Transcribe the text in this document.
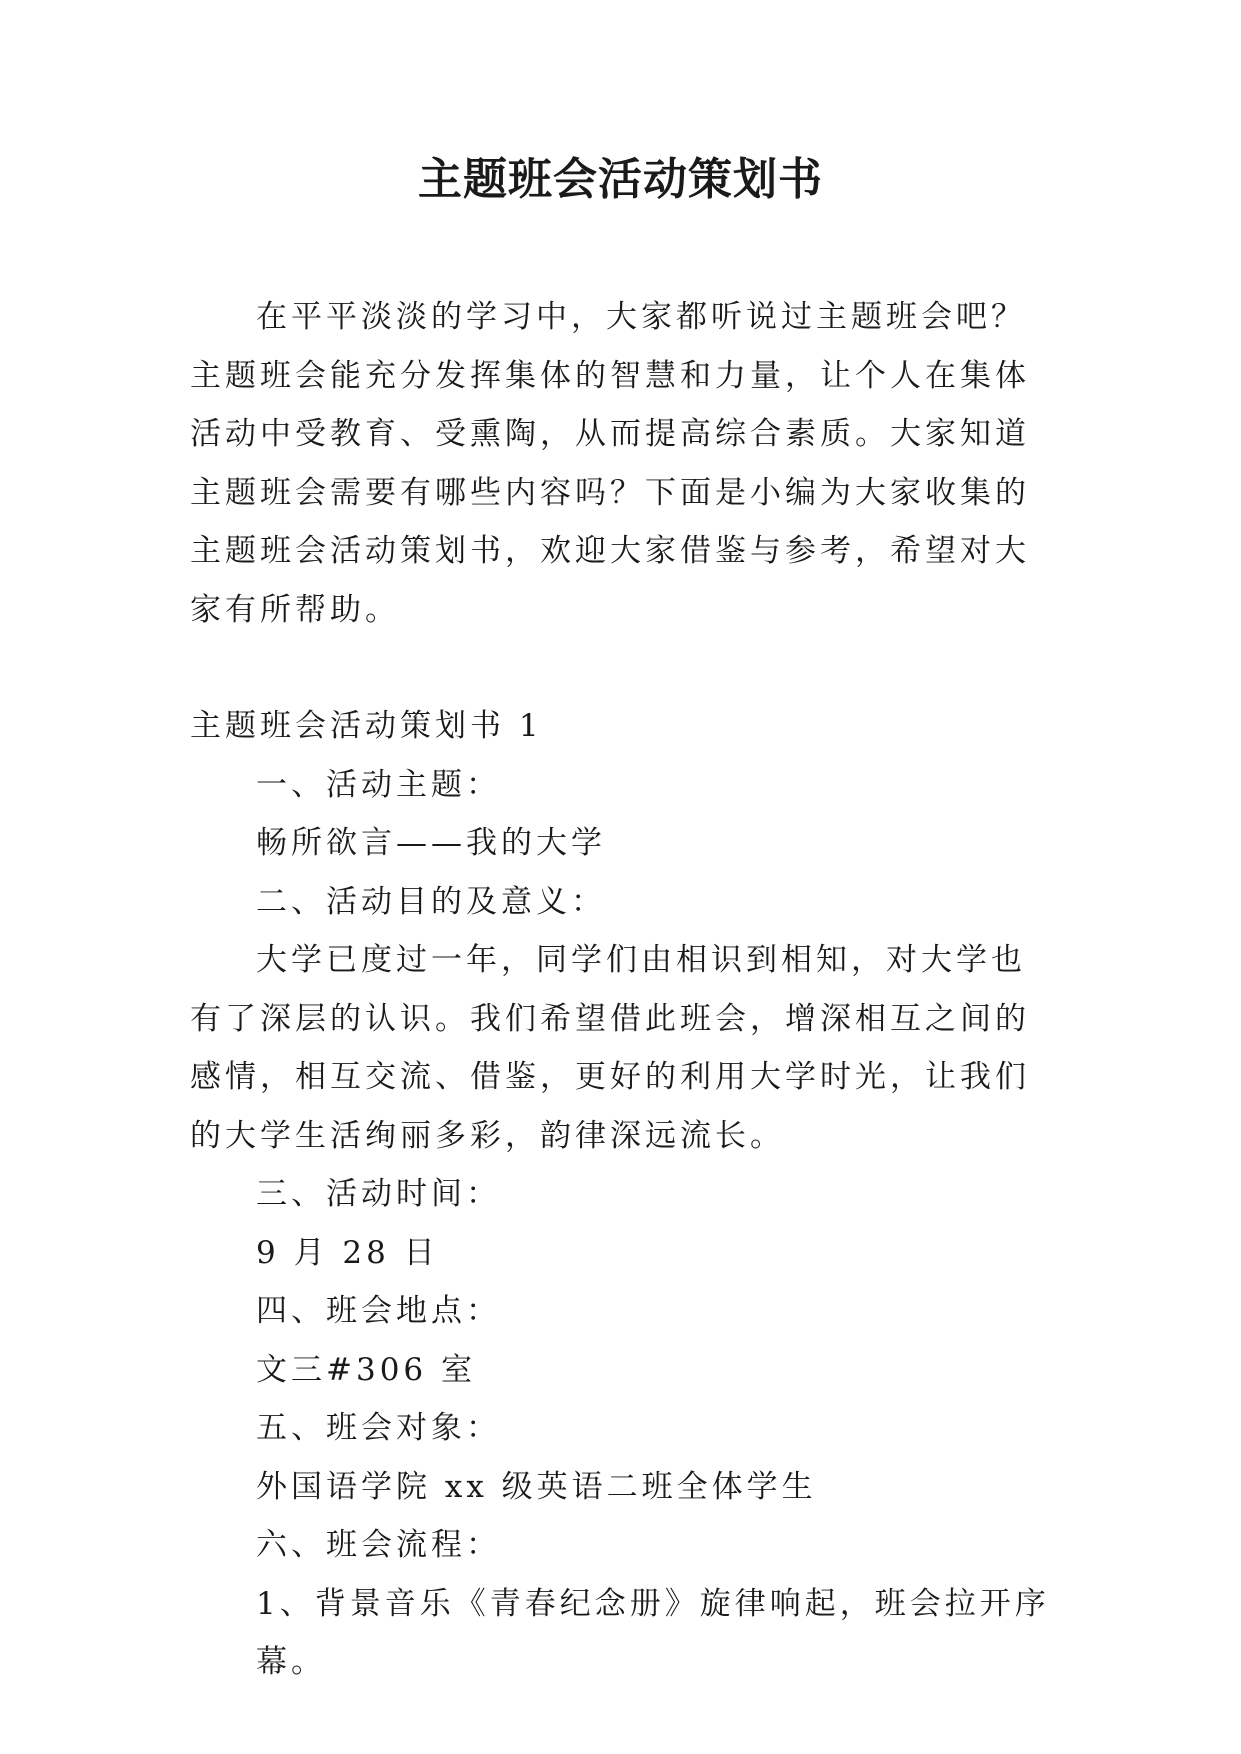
主题班会活动策划书

在平平淡淡的学习中，大家都听说过主题班会吧？主题班会能充分发挥集体的智慧和力量，让个人在集体活动中受教育、受熏陶，从而提高综合素质。大家知道主题班会需要有哪些内容吗？下面是小编为大家收集的主题班会活动策划书，欢迎大家借鉴与参考，希望对大家有所帮助。

主题班会活动策划书 1

一、活动主题：

畅所欲言——我的大学

二、活动目的及意义：

大学已度过一年，同学们由相识到相知，对大学也有了深层的认识。我们希望借此班会，增深相互之间的感情，相互交流、借鉴，更好的利用大学时光，让我们的大学生活绚丽多彩，韵律深远流长。

三、活动时间：

9 月 28 日

四、班会地点：

文三#306 室

五、班会对象：

外国语学院 xx 级英语二班全体学生

六、班会流程：

1、背景音乐《青春纪念册》旋律响起，班会拉开序幕。
